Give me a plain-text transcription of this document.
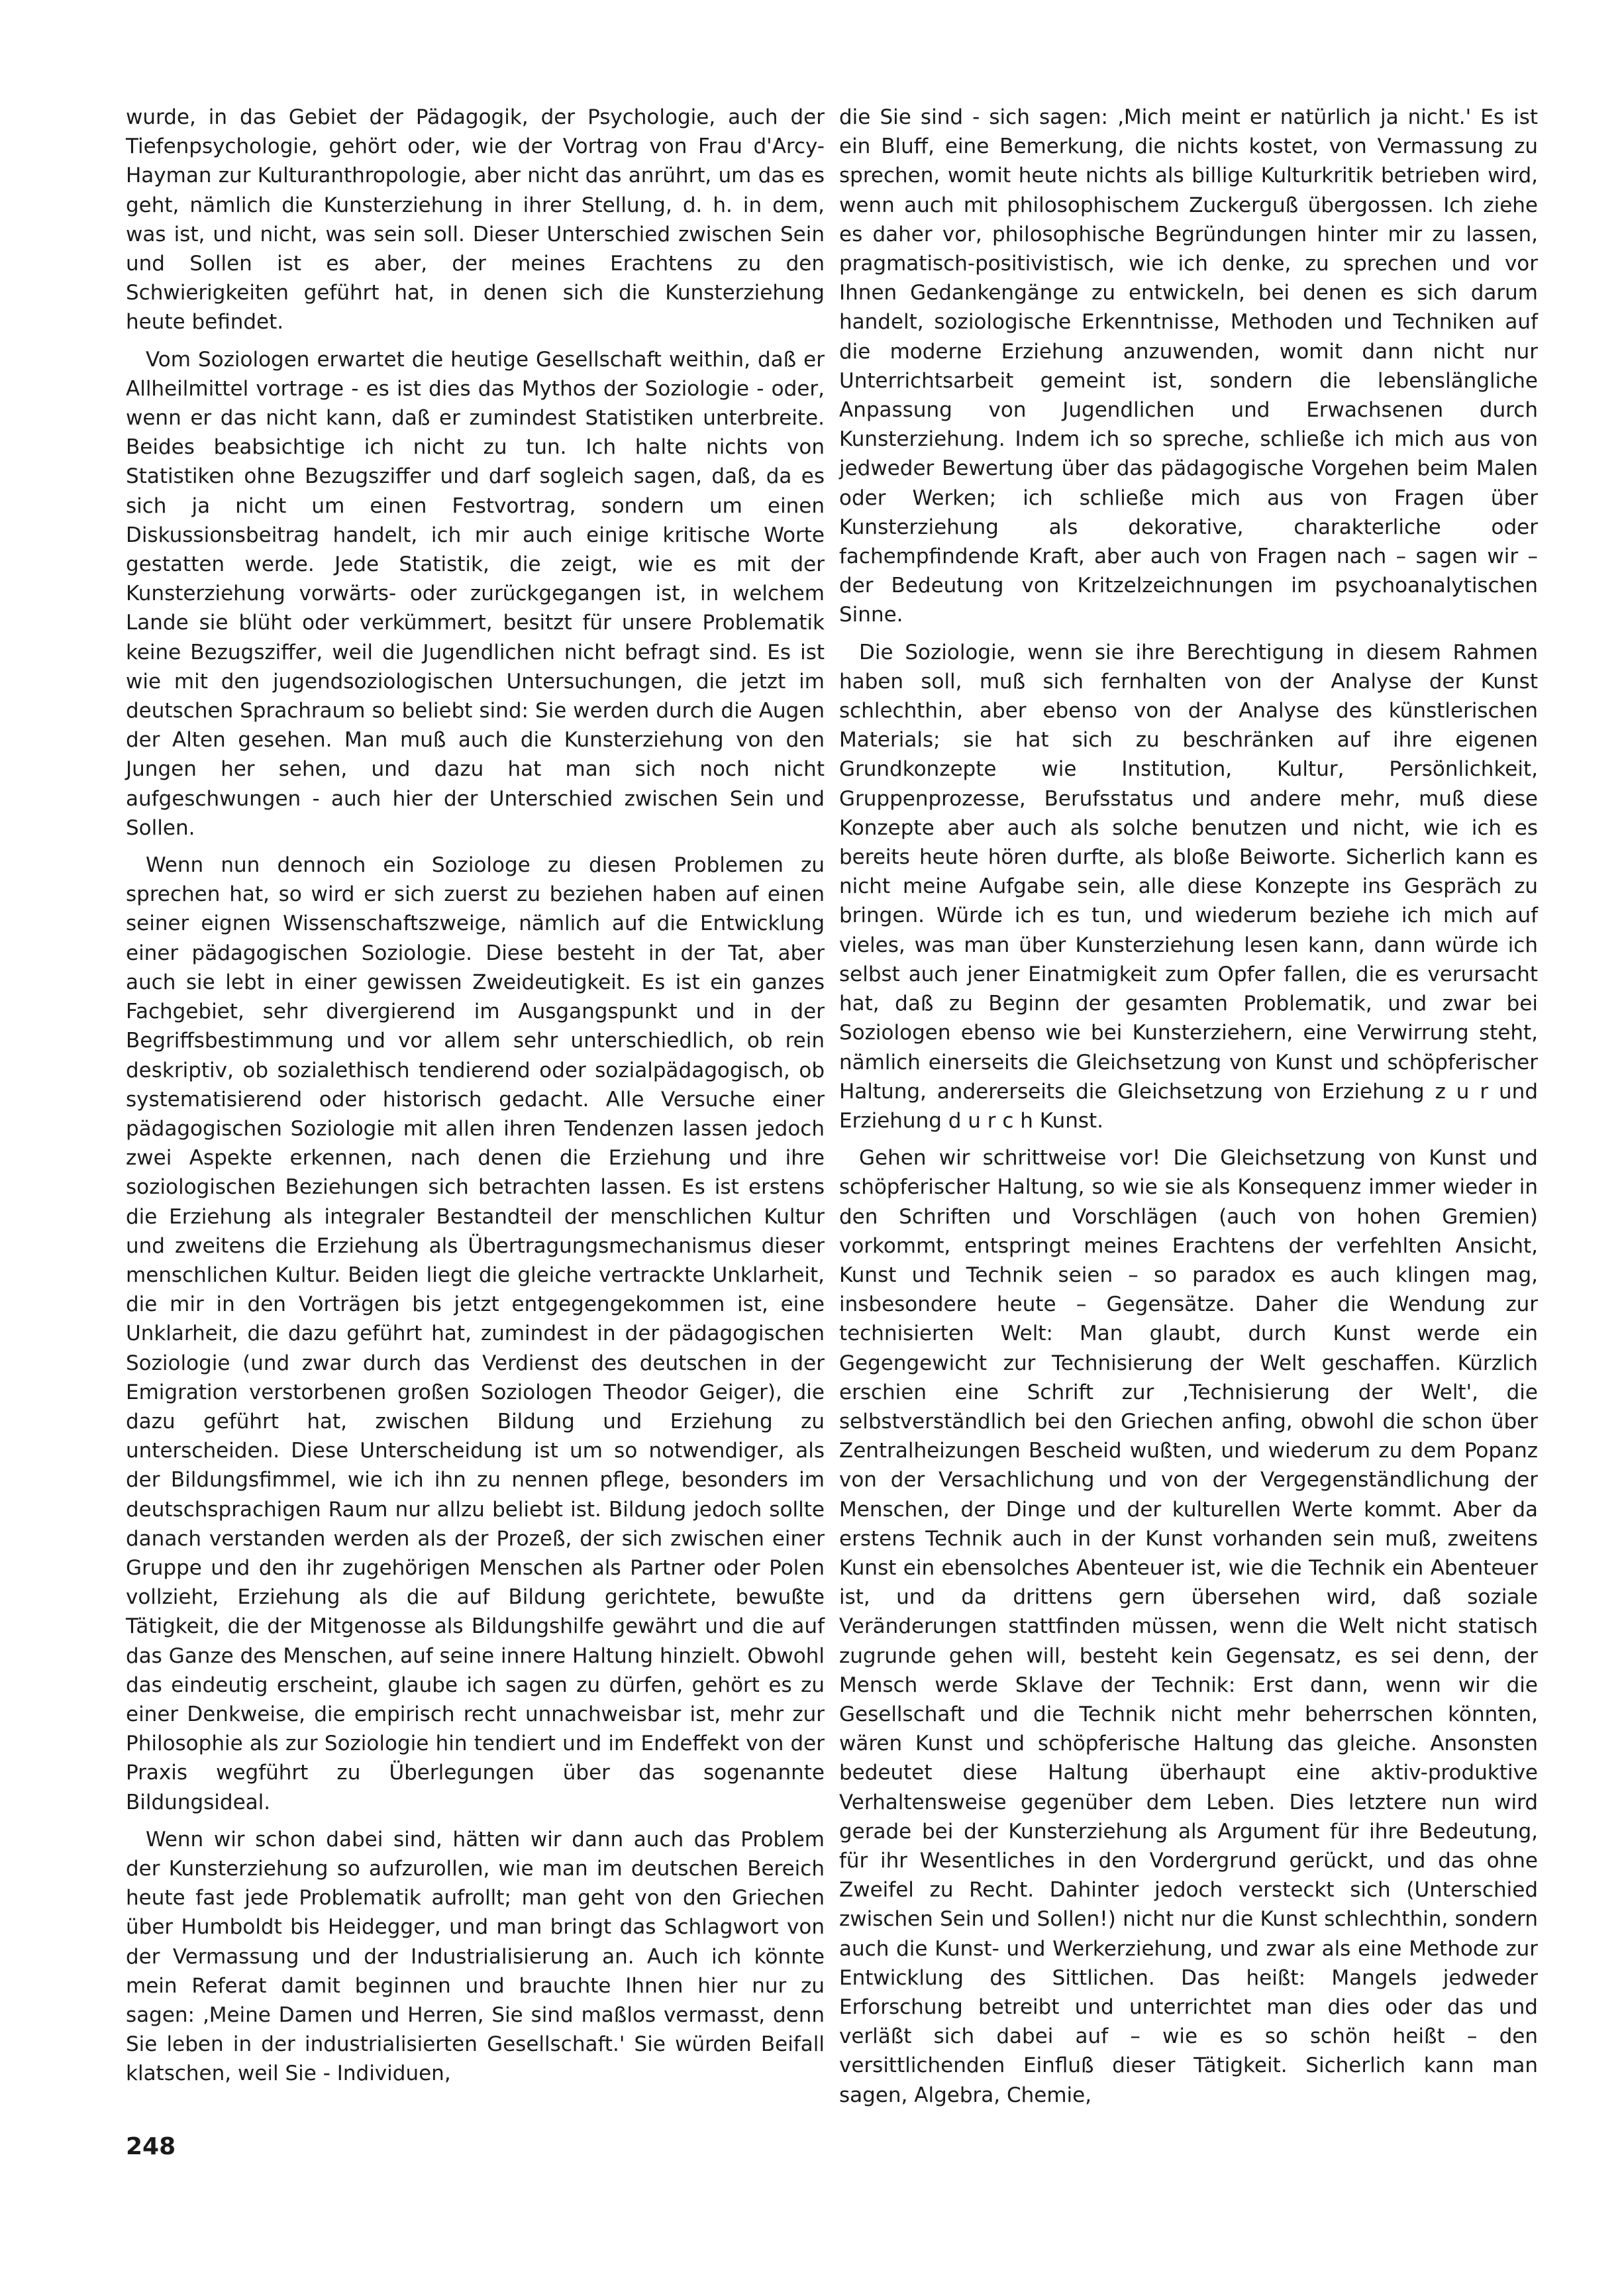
wurde, in das Gebiet der Pädagogik, der Psychologie, auch der Tiefenpsychologie, gehört oder, wie der Vortrag von Frau d'Arcy-Hayman zur Kulturanthropologie, aber nicht das anrührt, um das es geht, nämlich die Kunsterziehung in ihrer Stellung, d. h. in dem, was ist, und nicht, was sein soll. Dieser Unterschied zwischen Sein und Sollen ist es aber, der meines Erachtens zu den Schwierigkeiten geführt hat, in denen sich die Kunsterziehung heute befindet.

Vom Soziologen erwartet die heutige Gesellschaft weithin, daß er Allheilmittel vortrage - es ist dies das Mythos der Soziologie - oder, wenn er das nicht kann, daß er zumindest Statistiken unterbreite. Beides beabsichtige ich nicht zu tun. Ich halte nichts von Statistiken ohne Bezugsziffer und darf sogleich sagen, daß, da es sich ja nicht um einen Festvortrag, sondern um einen Diskussionsbeitrag handelt, ich mir auch einige kritische Worte gestatten werde. Jede Statistik, die zeigt, wie es mit der Kunsterziehung vorwärts- oder zurückgegangen ist, in welchem Lande sie blüht oder verkümmert, besitzt für unsere Problematik keine Bezugsziffer, weil die Jugendlichen nicht befragt sind. Es ist wie mit den jugendsoziologischen Untersuchungen, die jetzt im deutschen Sprachraum so beliebt sind: Sie werden durch die Augen der Alten gesehen. Man muß auch die Kunsterziehung von den Jungen her sehen, und dazu hat man sich noch nicht aufgeschwungen - auch hier der Unterschied zwischen Sein und Sollen.

Wenn nun dennoch ein Soziologe zu diesen Problemen zu sprechen hat, so wird er sich zuerst zu beziehen haben auf einen seiner eignen Wissenschaftszweige, nämlich auf die Entwicklung einer pädagogischen Soziologie. Diese besteht in der Tat, aber auch sie lebt in einer gewissen Zweideutigkeit. Es ist ein ganzes Fachgebiet, sehr divergierend im Ausgangspunkt und in der Begriffsbestimmung und vor allem sehr unterschiedlich, ob rein deskriptiv, ob sozialethisch tendierend oder sozialpädagogisch, ob systematisierend oder historisch gedacht. Alle Versuche einer pädagogischen Soziologie mit allen ihren Tendenzen lassen jedoch zwei Aspekte erkennen, nach denen die Erziehung und ihre soziologischen Beziehungen sich betrachten lassen. Es ist erstens die Erziehung als integraler Bestandteil der menschlichen Kultur und zweitens die Erziehung als Übertragungsmechanismus dieser menschlichen Kultur. Beiden liegt die gleiche vertrackte Unklarheit, die mir in den Vorträgen bis jetzt entgegengekommen ist, eine Unklarheit, die dazu geführt hat, zumindest in der pädagogischen Soziologie (und zwar durch das Verdienst des deutschen in der Emigration verstorbenen großen Soziologen Theodor Geiger), die dazu geführt hat, zwischen Bildung und Erziehung zu unterscheiden. Diese Unterscheidung ist um so notwendiger, als der Bildungsfimmel, wie ich ihn zu nennen pflege, besonders im deutschsprachigen Raum nur allzu beliebt ist. Bildung jedoch sollte danach verstanden werden als der Prozeß, der sich zwischen einer Gruppe und den ihr zugehörigen Menschen als Partner oder Polen vollzieht, Erziehung als die auf Bildung gerichtete, bewußte Tätigkeit, die der Mitgenosse als Bildungshilfe gewährt und die auf das Ganze des Menschen, auf seine innere Haltung hinzielt. Obwohl das eindeutig erscheint, glaube ich sagen zu dürfen, gehört es zu einer Denkweise, die empirisch recht unnachweisbar ist, mehr zur Philosophie als zur Soziologie hin tendiert und im Endeffekt von der Praxis wegführt zu Überlegungen über das sogenannte Bildungsideal.

Wenn wir schon dabei sind, hätten wir dann auch das Problem der Kunsterziehung so aufzurollen, wie man im deutschen Bereich heute fast jede Problematik aufrollt; man geht von den Griechen über Humboldt bis Heidegger, und man bringt das Schlagwort von der Vermassung und der Industrialisierung an. Auch ich könnte mein Referat damit beginnen und brauchte Ihnen hier nur zu sagen: ‚Meine Damen und Herren, Sie sind maßlos vermasst, denn Sie leben in der industrialisierten Gesellschaft.' Sie würden Beifall klatschen, weil Sie - Individuen,

die Sie sind - sich sagen: ‚Mich meint er natürlich ja nicht.' Es ist ein Bluff, eine Bemerkung, die nichts kostet, von Vermassung zu sprechen, womit heute nichts als billige Kulturkritik betrieben wird, wenn auch mit philosophischem Zuckerguß übergossen. Ich ziehe es daher vor, philosophische Begründungen hinter mir zu lassen, pragmatisch-positivistisch, wie ich denke, zu sprechen und vor Ihnen Gedankengänge zu entwickeln, bei denen es sich darum handelt, soziologische Erkenntnisse, Methoden und Techniken auf die moderne Erziehung anzuwenden, womit dann nicht nur Unterrichtsarbeit gemeint ist, sondern die lebenslängliche Anpassung von Jugendlichen und Erwachsenen durch Kunsterziehung. Indem ich so spreche, schließe ich mich aus von jedweder Bewertung über das pädagogische Vorgehen beim Malen oder Werken; ich schließe mich aus von Fragen über Kunsterziehung als dekorative, charakterliche oder fachempfindende Kraft, aber auch von Fragen nach – sagen wir – der Bedeutung von Kritzelzeichnungen im psychoanalytischen Sinne.

Die Soziologie, wenn sie ihre Berechtigung in diesem Rahmen haben soll, muß sich fernhalten von der Analyse der Kunst schlechthin, aber ebenso von der Analyse des künstlerischen Materials; sie hat sich zu beschränken auf ihre eigenen Grundkonzepte wie Institution, Kultur, Persönlichkeit, Gruppenprozesse, Berufsstatus und andere mehr, muß diese Konzepte aber auch als solche benutzen und nicht, wie ich es bereits heute hören durfte, als bloße Beiworte. Sicherlich kann es nicht meine Aufgabe sein, alle diese Konzepte ins Gespräch zu bringen. Würde ich es tun, und wiederum beziehe ich mich auf vieles, was man über Kunsterziehung lesen kann, dann würde ich selbst auch jener Einatmigkeit zum Opfer fallen, die es verursacht hat, daß zu Beginn der gesamten Problematik, und zwar bei Soziologen ebenso wie bei Kunsterziehern, eine Verwirrung steht, nämlich einerseits die Gleichsetzung von Kunst und schöpferischer Haltung, andererseits die Gleichsetzung von Erziehung z u r und Erziehung d u r c h Kunst.

Gehen wir schrittweise vor! Die Gleichsetzung von Kunst und schöpferischer Haltung, so wie sie als Konsequenz immer wieder in den Schriften und Vorschlägen (auch von hohen Gremien) vorkommt, entspringt meines Erachtens der verfehlten Ansicht, Kunst und Technik seien – so paradox es auch klingen mag, insbesondere heute – Gegensätze. Daher die Wendung zur technisierten Welt: Man glaubt, durch Kunst werde ein Gegengewicht zur Technisierung der Welt geschaffen. Kürzlich erschien eine Schrift zur ‚Technisierung der Welt', die selbstverständlich bei den Griechen anfing, obwohl die schon über Zentralheizungen Bescheid wußten, und wiederum zu dem Popanz von der Versachlichung und von der Vergegenständlichung der Menschen, der Dinge und der kulturellen Werte kommt. Aber da erstens Technik auch in der Kunst vorhanden sein muß, zweitens Kunst ein ebensolches Abenteuer ist, wie die Technik ein Abenteuer ist, und da drittens gern übersehen wird, daß soziale Veränderungen stattfinden müssen, wenn die Welt nicht statisch zugrunde gehen will, besteht kein Gegensatz, es sei denn, der Mensch werde Sklave der Technik: Erst dann, wenn wir die Gesellschaft und die Technik nicht mehr beherrschen könnten, wären Kunst und schöpferische Haltung das gleiche. Ansonsten bedeutet diese Haltung überhaupt eine aktiv-produktive Verhaltensweise gegenüber dem Leben. Dies letztere nun wird gerade bei der Kunsterziehung als Argument für ihre Bedeutung, für ihr Wesentliches in den Vordergrund gerückt, und das ohne Zweifel zu Recht. Dahinter jedoch versteckt sich (Unterschied zwischen Sein und Sollen!) nicht nur die Kunst schlechthin, sondern auch die Kunst- und Werkerziehung, und zwar als eine Methode zur Entwicklung des Sittlichen. Das heißt: Mangels jedweder Erforschung betreibt und unterrichtet man dies oder das und verläßt sich dabei auf – wie es so schön heißt – den versittlichenden Einfluß dieser Tätigkeit. Sicherlich kann man sagen, Algebra, Chemie,

248
